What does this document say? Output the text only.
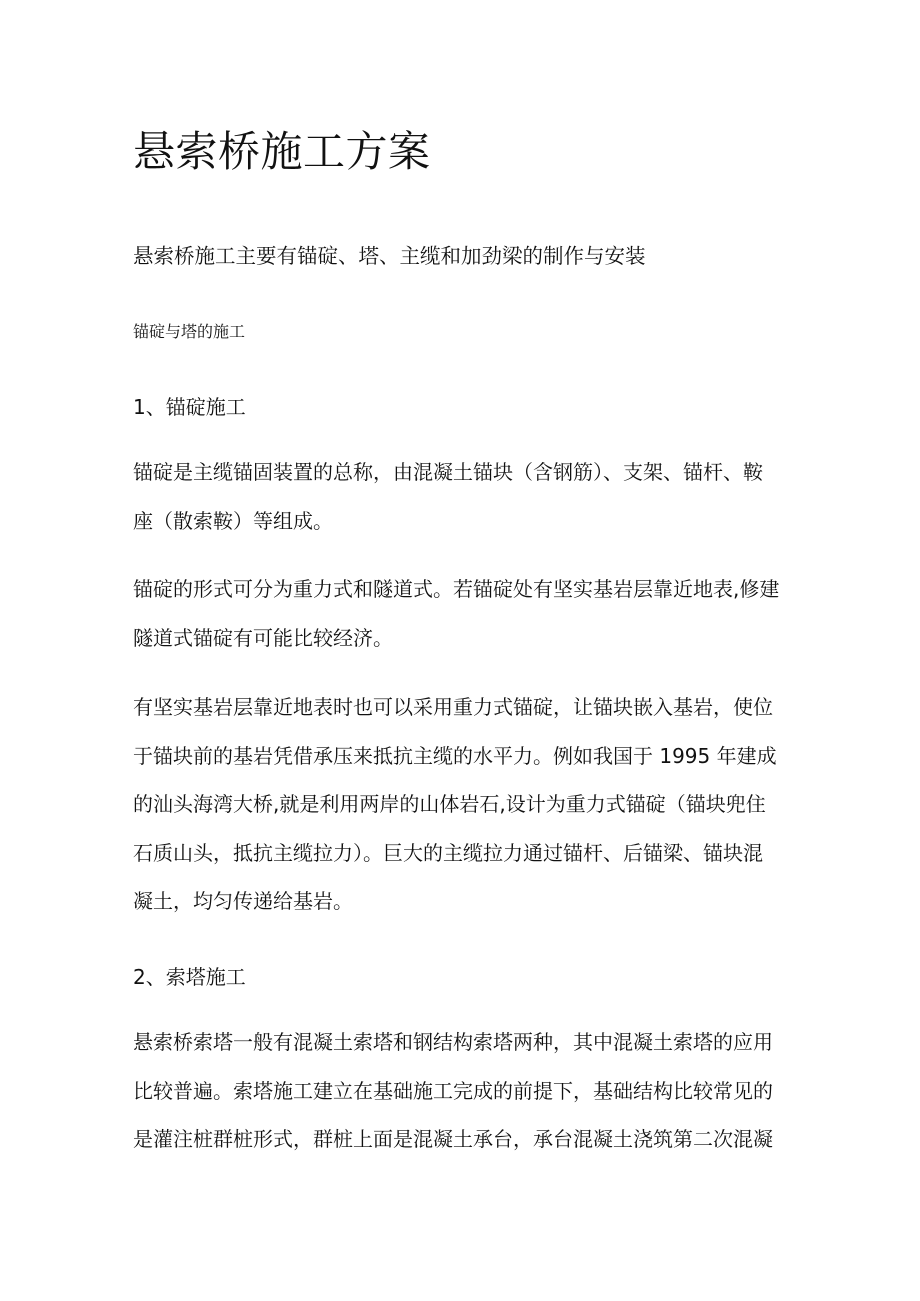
悬索桥施工方案

悬索桥施工主要有锚碇、塔、主缆和加劲梁的制作与安装

锚碇与塔的施工

1、锚碇施工
锚碇是主缆锚固装置的总称，由混凝土锚块（含钢筋）、支架、锚杆、鞍
座（散索鞍）等组成。
锚碇的形式可分为重力式和隧道式。若锚碇处有坚实基岩层靠近地表,修建
隧道式锚碇有可能比较经济。
有坚实基岩层靠近地表时也可以采用重力式锚碇，让锚块嵌入基岩，使位
于锚块前的基岩凭借承压来抵抗主缆的水平力。例如我国于 1995 年建成
的汕头海湾大桥,就是利用两岸的山体岩石,设计为重力式锚碇（锚块兜住
石质山头，抵抗主缆拉力）。巨大的主缆拉力通过锚杆、后锚梁、锚块混
凝土，均匀传递给基岩。
2、索塔施工
悬索桥索塔一般有混凝土索塔和钢结构索塔两种，其中混凝土索塔的应用
比较普遍。索塔施工建立在基础施工完成的前提下，基础结构比较常见的
是灌注桩群桩形式，群桩上面是混凝土承台，承台混凝土浇筑第二次混凝
